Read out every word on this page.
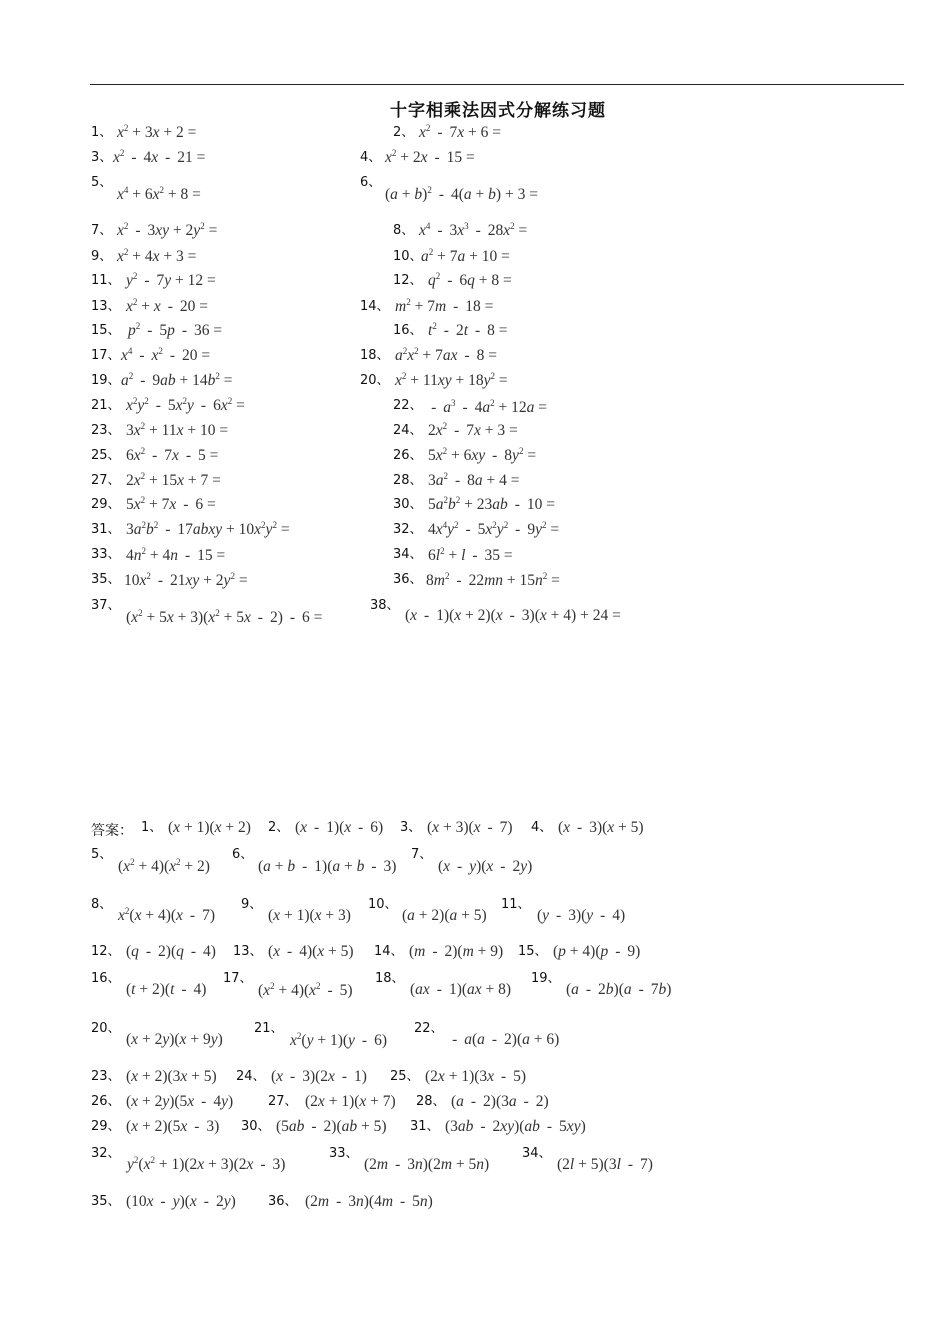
十字相乘法因式分解练习题
1、 $x^2 + 3x + 2$ =	2、 $x^2 - 7x + 6$ =
3、 $x^2 - 4x - 21$ =	4、 $x^2 + 2x - 15$ =
5、
$x^4 + 6x^2 + 8$ =
6、
$(a + b)^2 - 4(a + b) + 3$ =
7、 $x^2 - 3xy + 2y^2$ =	8、 $x^4 - 3x^3 - 28x^2$ =
9、 $x^2 + 4x + 3$ =	10、
$a^2 + 7a + 10$ =
11、 $y^2 - 7y + 12$ =	12、 $q^2 - 6q + 8$ =
13、 $x^2 + x - 20$ =	14、 $m^2 + 7m - 18$ =
15、 $p^2 - 5p - 36$ =	16、 $t^2 - 2t - 8$ =
17、 $x^4 - x^2 - 20$ =	18、 $a^2x^2 + 7ax - 8$ =
19、 $a^2 - 9ab + 14b^2$ =	20、 $x^2 + 11xy + 18y^2$ =
21、 $x^2y^2 - 5x^2y - 6x^2$ =	22、  -  $a^3 - 4a^2 + 12a$ =
23、 $3x^2 + 11x + 10$ =	24、 $2x^2 - 7x + 3$ =
25、 $6x^2 - 7x - 5$ =	26、 $5x^2 + 6xy - 8y^2$ =
27、 $2x^2 + 15x + 7$ =	28、 $3a^2 - 8a + 4$ =
29、 $5x^2 + 7x - 6$ =	30、 $5a^2b^2 + 23ab - 10$ =
31、 $3a^2b^2$  -  17abxy + $10x^2y^2$ =	32、 $4x^4y^2 - 5x^2y^2 - 9y^2$ =
33、 $4n^2 + 4n - 15$ =	34、 $6l^2 + l - 35$ =
35、 $10x^2 - 21xy + 2y^2$ =	36、 $8m^2 - 22mn + 15n^2$ =
37、
$(x^2 + 5x + 3)(x^2 + 5x - 2) - 6$ =
38、
(x  -  1)(x + 2)(x  -  3)(x + 4) + 24 =
答案： 1、 (x + 1)(x + 2) 2、 (x  -  1)(x  -  6) 3、 (x + 3)(x  -  7) 4、 (x  -  3)(x + 5)
5、
$(x^2 + 4)(x^2 + 2)$
6、
(a + b  -  1)(a + b  -  3)
7、
(x  -  y)(x  -  2y)
8、
$x^2(x + 4)(x - 7)$
9、
(x + 1)(x + 3)
10、
(a + 2)(a + 5)
11、
(y  -  3)(y  -  4)
12、 (q  -  2)(q  -  4) 13、 (x  -  4)(x + 5) 14、 (m  -  2)(m + 9) 15、 (p + 4)(p  -  9)
16、
(t + 2)(t  -  4)
17、
$(x^2 + 4)(x^2 - 5)$
18、
(ax  -  1)(ax + 8)
19、
(a  -  2b)(a  -  7b)
20、
(x + 2y)(x + 9y)
21、
$x^2(y + 1)(y - 6)$
22、
 -  a(a  -  2)(a + 6)
23、 (x + 2)(3x + 5) 24、 (x  -  3)(2x  -  1) 25、 (2x + 1)(3x  -  5)
26、 (x + 2y)(5x  -  4y)	27、 (2x + 1)(x + 7) 28、 (a  -  2)(3a  -  2)
29、 (x + 2)(5x  -  3) 30、 (5ab  -  2)(ab + 5) 31、 (3ab  -  2xy)(ab  -  5xy)
32、
$y^2(x^2 + 1)(2x + 3)(2x - 3)$
33、
(2m  -  3n)(2m + 5n)
34、
(2l + 5)(3l  -  7)
35、 (10x  -  y)(x  -  2y) 36、 (2m  -  3n)(4m  -  5n)
